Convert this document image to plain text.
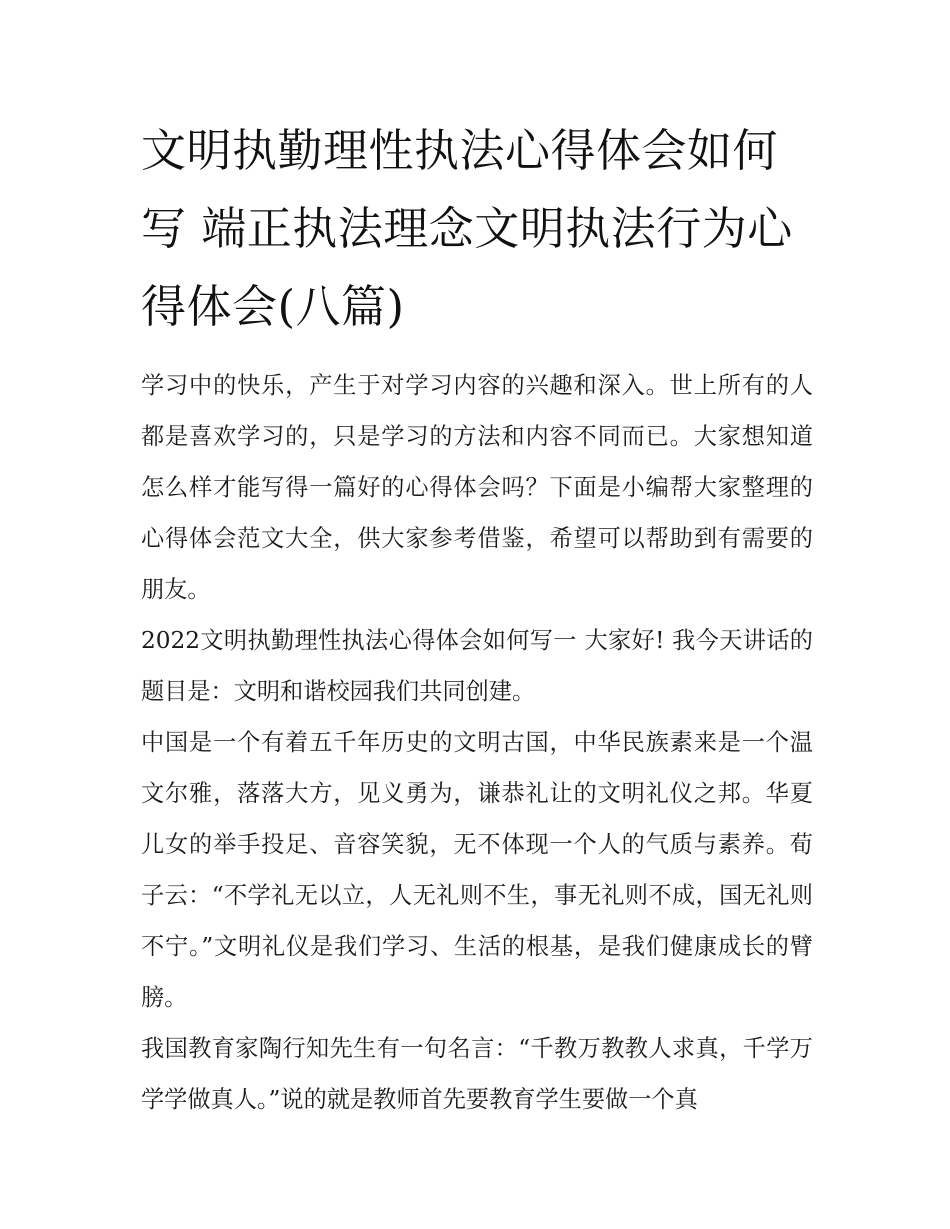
文明执勤理性执法心得体会如何写 端正执法理念文明执法行为心得体会(八篇)

学习中的快乐，产生于对学习内容的兴趣和深入。世上所有的人都是喜欢学习的，只是学习的方法和内容不同而已。大家想知道怎么样才能写得一篇好的心得体会吗？下面是小编帮大家整理的心得体会范文大全，供大家参考借鉴，希望可以帮助到有需要的朋友。

2022文明执勤理性执法心得体会如何写一 大家好! 我今天讲话的题目是：文明和谐校园我们共同创建。

中国是一个有着五千年历史的文明古国，中华民族素来是一个温文尔雅，落落大方，见义勇为，谦恭礼让的文明礼仪之邦。华夏儿女的举手投足、音容笑貌，无不体现一个人的气质与素养。荀子云：“不学礼无以立，人无礼则不生，事无礼则不成，国无礼则不宁。”文明礼仪是我们学习、生活的根基，是我们健康成长的臂膀。

我国教育家陶行知先生有一句名言：“千教万教教人求真，千学万学学做真人。”说的就是教师首先要教育学生要做一个真
